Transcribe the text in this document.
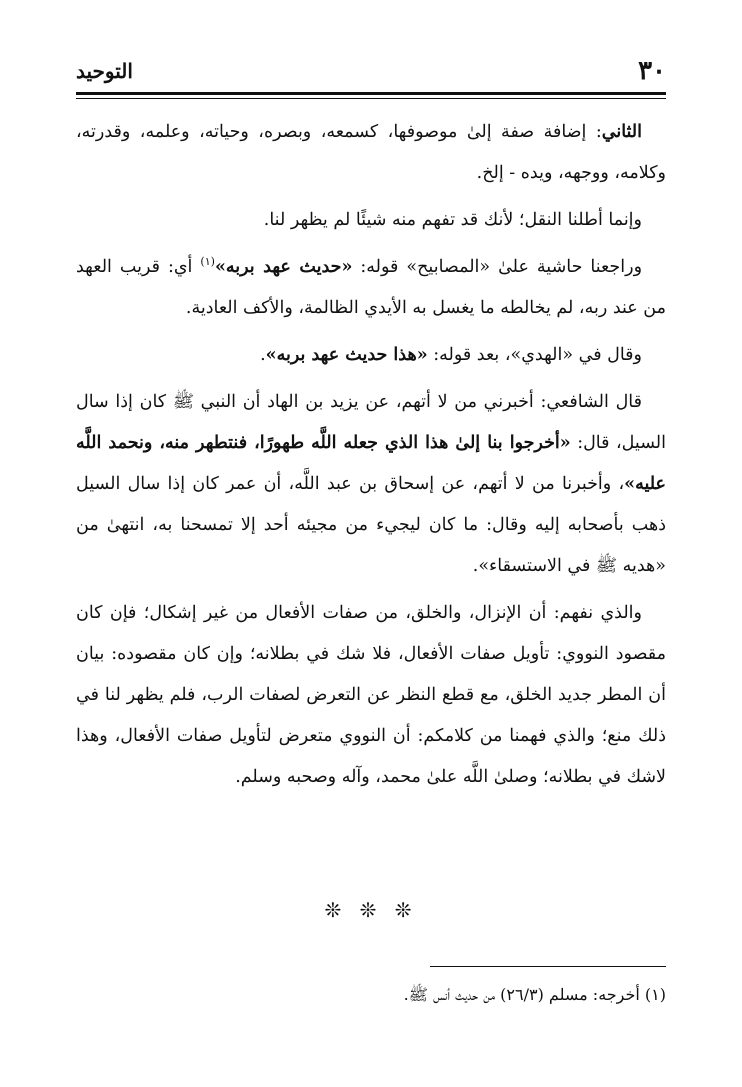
٣٠
التوحيد

الثاني: إضافة صفة إلىٰ موصوفها، كسمعه، وبصره، وحياته، وعلمه، وقدرته، وكلامه، ووجهه، ويده - إلخ.

وإنما أطلنا النقل؛ لأنك قد تفهم منه شيئًا لم يظهر لنا.

وراجعنا حاشية علىٰ «المصابيح» قوله: «حديث عهد بربه»$^{(١)}$ أي: قريب العهد من عند ربه، لم يخالطه ما يغسل به الأيدي الظالمة، والأكف العادية.

وقال في «الهدي»، بعد قوله: «هذا حديث عهد بربه».

قال الشافعي: أخبرني من لا أتهم، عن يزيد بن الهاد أن النبي ﷺ كان إذا سال السيل، قال: «أخرجوا بنا إلىٰ هذا الذي جعله اللَّه طهورًا، فنتطهر منه، ونحمد اللَّه عليه»، وأخبرنا من لا أتهم، عن إسحاق بن عبد اللَّه، أن عمر كان إذا سال السيل ذهب بأصحابه إليه وقال: ما كان ليجيء من مجيئه أحد إلا تمسحنا به، انتهىٰ من «هديه ﷺ في الاستسقاء».

والذي نفهم: أن الإنزال، والخلق، من صفات الأفعال من غير إشكال؛ فإن كان مقصود النووي: تأويل صفات الأفعال، فلا شك في بطلانه؛ وإن كان مقصوده: بيان أن المطر جديد الخلق، مع قطع النظر عن التعرض لصفات الرب، فلم يظهر لنا في ذلك منع؛ والذي فهمنا من كلامكم: أن النووي متعرض لتأويل صفات الأفعال، وهذا لاشك في بطلانه؛ وصلىٰ اللَّه علىٰ محمد، وآله وصحبه وسلم.

❊ ❊ ❊
(١) أخرجه: مسلم (٢٦/٣) من حديث أنس ﷺ.
